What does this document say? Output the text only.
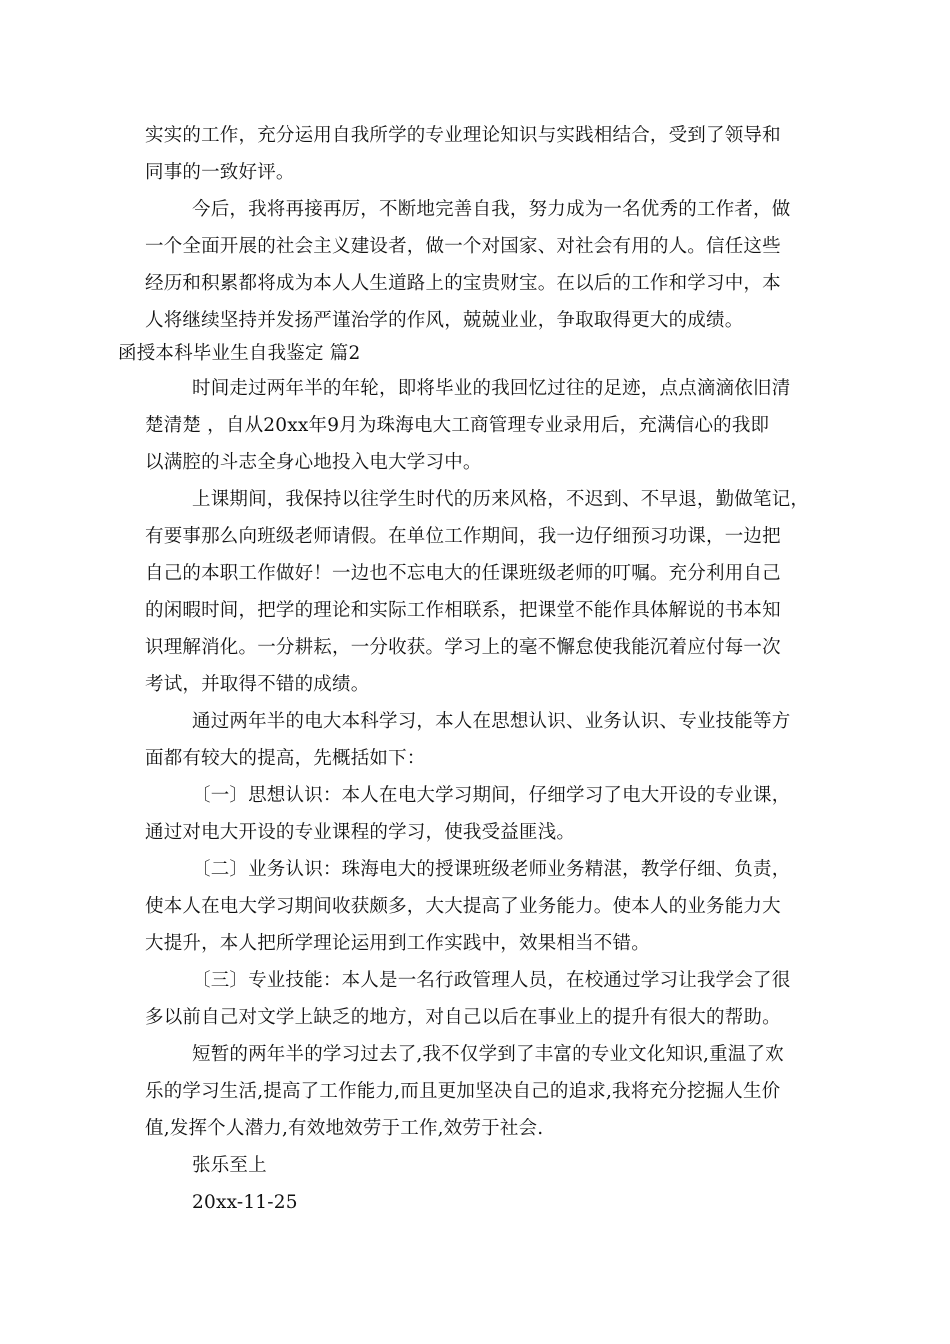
实实的工作，充分运用自我所学的专业理论知识与实践相结合，受到了领导和
同事的一致好评。
今后，我将再接再厉，不断地完善自我，努力成为一名优秀的工作者，做
一个全面开展的社会主义建设者，做一个对国家、对社会有用的人。信任这些
经历和积累都将成为本人人生道路上的宝贵财宝。在以后的工作和学习中，本
人将继续坚持并发扬严谨治学的作风，兢兢业业，争取取得更大的成绩。
函授本科毕业生自我鉴定 篇2
时间走过两年半的年轮，即将毕业的我回忆过往的足迹，点点滴滴依旧清
楚清楚 ，自从20xx年9月为珠海电大工商管理专业录用后，充满信心的我即
以满腔的斗志全身心地投入电大学习中。
上课期间，我保持以往学生时代的历来风格，不迟到、不早退，勤做笔记，
有要事那么向班级老师请假。在单位工作期间，我一边仔细预习功课，一边把
自己的本职工作做好！一边也不忘电大的任课班级老师的叮嘱。充分利用自己
的闲暇时间，把学的理论和实际工作相联系，把课堂不能作具体解说的书本知
识理解消化。一分耕耘，一分收获。学习上的毫不懈怠使我能沉着应付每一次
考试，并取得不错的成绩。
通过两年半的电大本科学习，本人在思想认识、业务认识、专业技能等方
面都有较大的提高，先概括如下：
〔一〕思想认识：本人在电大学习期间，仔细学习了电大开设的专业课，
通过对电大开设的专业课程的学习，使我受益匪浅。
〔二〕业务认识：珠海电大的授课班级老师业务精湛，教学仔细、负责，
使本人在电大学习期间收获颇多，大大提高了业务能力。使本人的业务能力大
大提升，本人把所学理论运用到工作实践中，效果相当不错。
〔三〕专业技能：本人是一名行政管理人员，在校通过学习让我学会了很
多以前自己对文学上缺乏的地方，对自己以后在事业上的提升有很大的帮助。
短暂的两年半的学习过去了,我不仅学到了丰富的专业文化知识,重温了欢
乐的学习生活,提高了工作能力,而且更加坚决自己的追求,我将充分挖掘人生价
值,发挥个人潜力,有效地效劳于工作,效劳于社会.
张乐至上
20xx-11-25
